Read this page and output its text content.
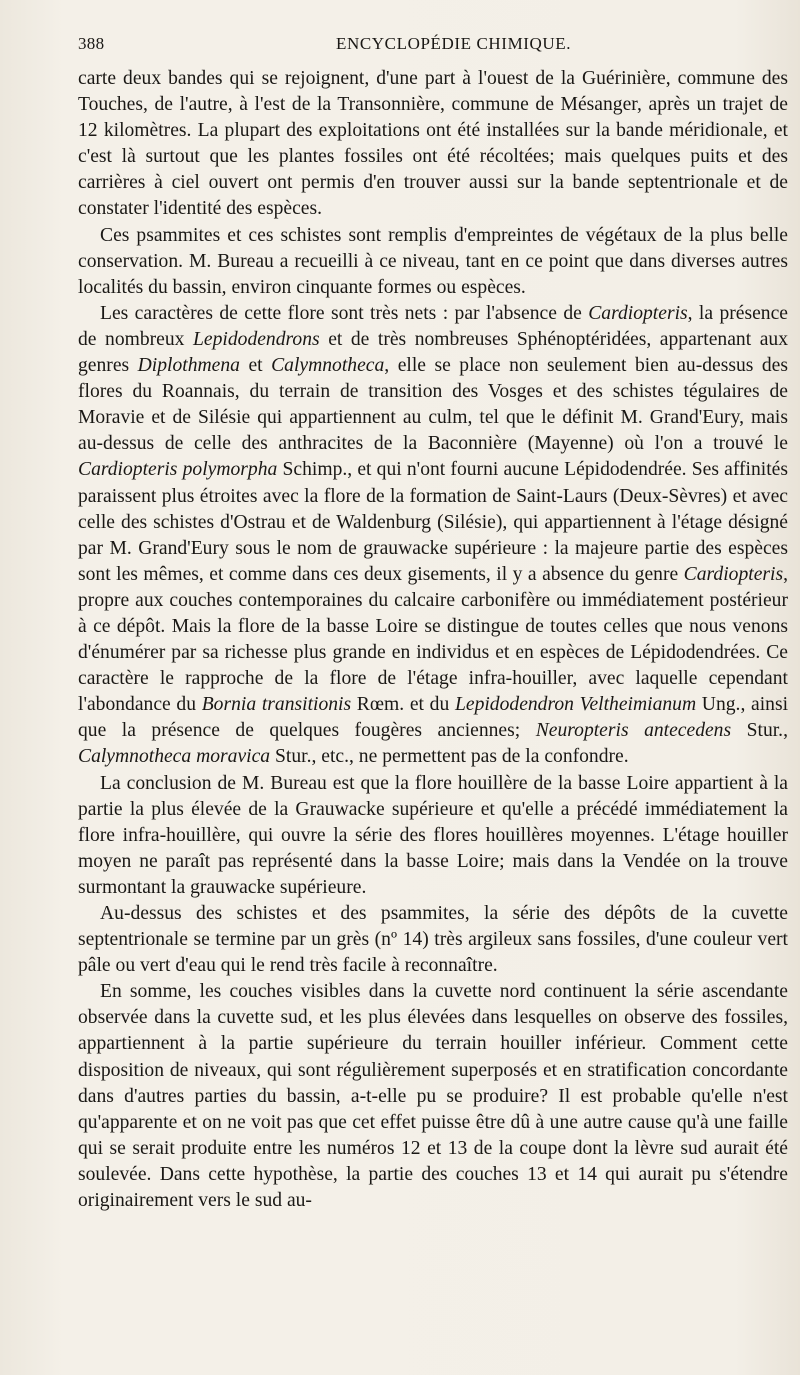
388	ENCYCLOPÉDIE CHIMIQUE.

carte deux bandes qui se rejoignent, d'une part à l'ouest de la Guérinière, commune des Touches, de l'autre, à l'est de la Transonnière, commune de Mésanger, après un trajet de 12 kilomètres. La plupart des exploitations ont été installées sur la bande méridionale, et c'est là surtout que les plantes fossiles ont été récoltées; mais quelques puits et des carrières à ciel ouvert ont permis d'en trouver aussi sur la bande septentrionale et de constater l'identité des espèces.

Ces psammites et ces schistes sont remplis d'empreintes de végétaux de la plus belle conservation. M. Bureau a recueilli à ce niveau, tant en ce point que dans diverses autres localités du bassin, environ cinquante formes ou espèces.

Les caractères de cette flore sont très nets : par l'absence de Cardiopteris, la présence de nombreux Lepidodendrons et de très nombreuses Sphénoptéridées, appartenant aux genres Diplothmena et Calymnotheca, elle se place non seulement bien au-dessus des flores du Roannais, du terrain de transition des Vosges et des schistes tégulaires de Moravie et de Silésie qui appartiennent au culm, tel que le définit M. Grand'Eury, mais au-dessus de celle des anthracites de la Baconnière (Mayenne) où l'on a trouvé le Cardiopteris polymorpha Schimp., et qui n'ont fourni aucune Lépidodendrée. Ses affinités paraissent plus étroites avec la flore de la formation de Saint-Laurs (Deux-Sèvres) et avec celle des schistes d'Ostrau et de Waldenburg (Silésie), qui appartiennent à l'étage désigné par M. Grand'Eury sous le nom de grauwacke supérieure : la majeure partie des espèces sont les mêmes, et comme dans ces deux gisements, il y a absence du genre Cardiopteris, propre aux couches contemporaines du calcaire carbonifère ou immédiatement postérieur à ce dépôt. Mais la flore de la basse Loire se distingue de toutes celles que nous venons d'énumérer par sa richesse plus grande en individus et en espèces de Lépidodendrées. Ce caractère le rapproche de la flore de l'étage infra-houiller, avec laquelle cependant l'abondance du Bornia transitionis Rœm. et du Lepidodendron Veltheimianum Ung., ainsi que la présence de quelques fougères anciennes; Neuropteris antecedens Stur., Calymnotheca moravica Stur., etc., ne permettent pas de la confondre.

La conclusion de M. Bureau est que la flore houillère de la basse Loire appartient à la partie la plus élevée de la Grauwacke supérieure et qu'elle a précédé immédiatement la flore infra-houillère, qui ouvre la série des flores houillères moyennes. L'étage houiller moyen ne paraît pas représenté dans la basse Loire; mais dans la Vendée on la trouve surmontant la grauwacke supérieure.

Au-dessus des schistes et des psammites, la série des dépôts de la cuvette septentrionale se termine par un grès (nº 14) très argileux sans fossiles, d'une couleur vert pâle ou vert d'eau qui le rend très facile à reconnaître.

En somme, les couches visibles dans la cuvette nord continuent la série ascendante observée dans la cuvette sud, et les plus élevées dans lesquelles on observe des fossiles, appartiennent à la partie supérieure du terrain houiller inférieur. Comment cette disposition de niveaux, qui sont régulièrement superposés et en stratification concordante dans d'autres parties du bassin, a-t-elle pu se produire? Il est probable qu'elle n'est qu'apparente et on ne voit pas que cet effet puisse être dû à une autre cause qu'à une faille qui se serait produite entre les numéros 12 et 13 de la coupe dont la lèvre sud aurait été soulevée. Dans cette hypothèse, la partie des couches 13 et 14 qui aurait pu s'étendre originairement vers le sud au-
